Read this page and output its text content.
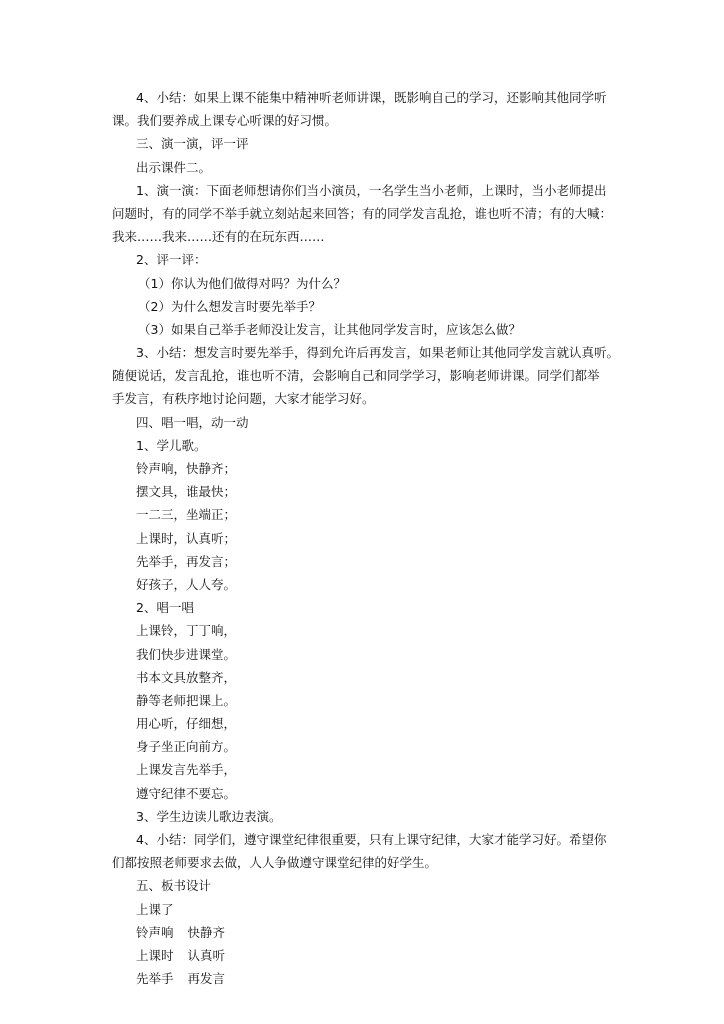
4、小结：如果上课不能集中精神听老师讲课，既影响自己的学习，还影响其他同学听
课。我们要养成上课专心听课的好习惯。
三、演一演，评一评
出示课件二。
1、演一演：下面老师想请你们当小演员，一名学生当小老师，上课时，当小老师提出
问题时，有的同学不举手就立刻站起来回答；有的同学发言乱抢，谁也听不清；有的大喊：
我来……我来……还有的在玩东西……
2、评一评：
（1）你认为他们做得对吗？为什么？
（2）为什么想发言时要先举手？
（3）如果自己举手老师没让发言，让其他同学发言时，应该怎么做？
3、小结：想发言时要先举手，得到允许后再发言，如果老师让其他同学发言就认真听。
随便说话，发言乱抢，谁也听不清，会影响自己和同学学习，影响老师讲课。同学们都举
手发言，有秩序地讨论问题，大家才能学习好。
四、唱一唱，动一动
1、学儿歌。
铃声响，快静齐；
摆文具，谁最快；
一二三，坐端正；
上课时，认真听；
先举手，再发言；
好孩子，人人夸。
2、唱一唱
上课铃，丁丁响，
我们快步进课堂。
书本文具放整齐，
静等老师把课上。
用心听，仔细想，
身子坐正向前方。
上课发言先举手，
遵守纪律不要忘。
3、学生边读儿歌边表演。
4、小结：同学们，遵守课堂纪律很重要，只有上课守纪律，大家才能学习好。希望你
们都按照老师要求去做，人人争做遵守课堂纪律的好学生。
五、板书设计
上课了
铃声响 快静齐
上课时 认真听
先举手 再发言
